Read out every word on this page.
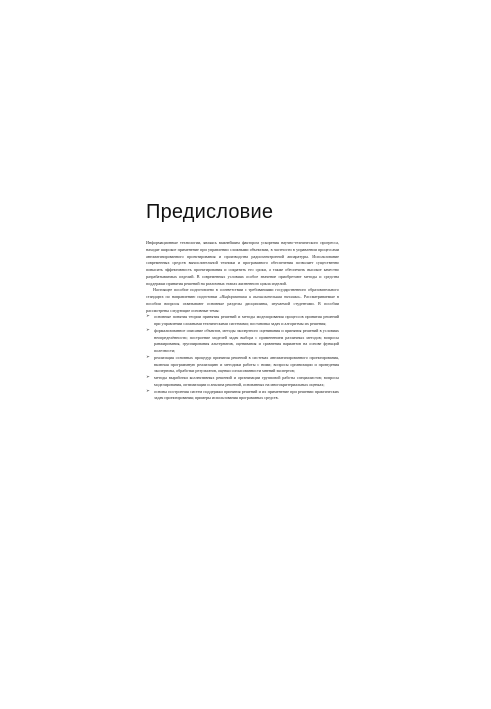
Предисловие

Информационные технологии, являясь важнейшим фактором ускорения научно-технического прогресса, находят широкое применение при управлении сложными объектами, в частности в управлении процессами автоматизированного проектирования и производства радиоэлектронной аппаратуры. Использование современных средств вычислительной техники и программного обеспечения позволяет существенно повысить эффективность проектирования и сократить его сроки, а также обеспечить высокое качество разрабатываемых изделий. В современных условиях особое значение приобретают методы и средства поддержки принятия решений на различных этапах жизненного цикла изделий.

Настоящее пособие подготовлено в соответствии с требованиями государственного образовательного стандарта по направлению подготовки «Информатика и вычислительная техника». Рассматриваемые в пособии вопросы охватывают основные разделы дисциплины, изучаемой студентами. В пособии рассмотрены следующие основные темы:

➢ основные понятия теории принятия решений и методы моделирования процессов принятия решений при управлении сложными техническими системами; постановка задач и алгоритмы их решения;
➢ формализованное описание объектов, методы экспертного оценивания и принятия решений в условиях неопределённости; построение моделей задач выбора с применением различных методов; вопросы ранжирования, группирования альтернатив, оценивания и сравнения вариантов на основе функций полезности;
➢ реализация основных процедур принятия решений в системах автоматизированного проектирования, включая программную реализацию и методики работы с ними; вопросы организации и проведения экспертизы, обработки результатов, оценки согласованности мнений экспертов;
➢ методы выработки коллективных решений и организации групповой работы специалистов; вопросы моделирования, оптимизации и анализа решений, основанных на многокритериальных оценках;
➢ основы построения систем поддержки принятия решений и их применение при решении практических задач проектирования; примеры использования программных средств.
